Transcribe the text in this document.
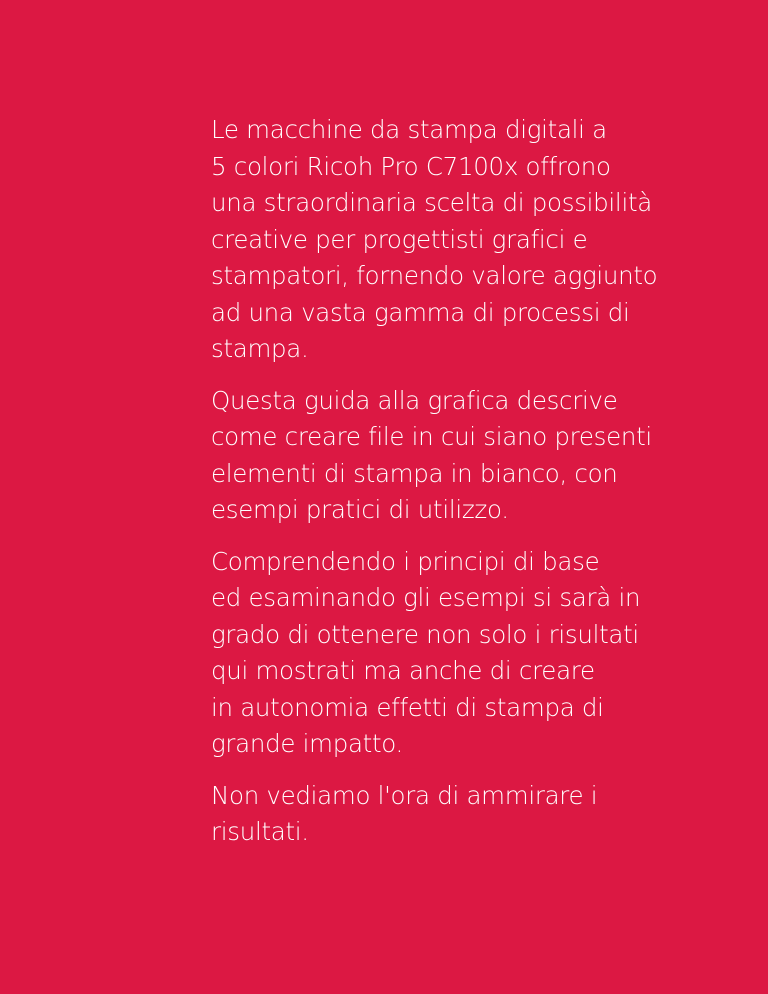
Le macchine da stampa digitali a
5 colori Ricoh Pro C7100x offrono
una straordinaria scelta di possibilità
creative per progettisti grafici e
stampatori, fornendo valore aggiunto
ad una vasta gamma di processi di
stampa.

Questa guida alla grafica descrive
come creare file in cui siano presenti
elementi di stampa in bianco, con
esempi pratici di utilizzo.

Comprendendo i principi di base
ed esaminando gli esempi si sarà in
grado di ottenere non solo i risultati
qui mostrati ma anche di creare
in autonomia effetti di stampa di
grande impatto.

Non vediamo l'ora di ammirare i
risultati.
